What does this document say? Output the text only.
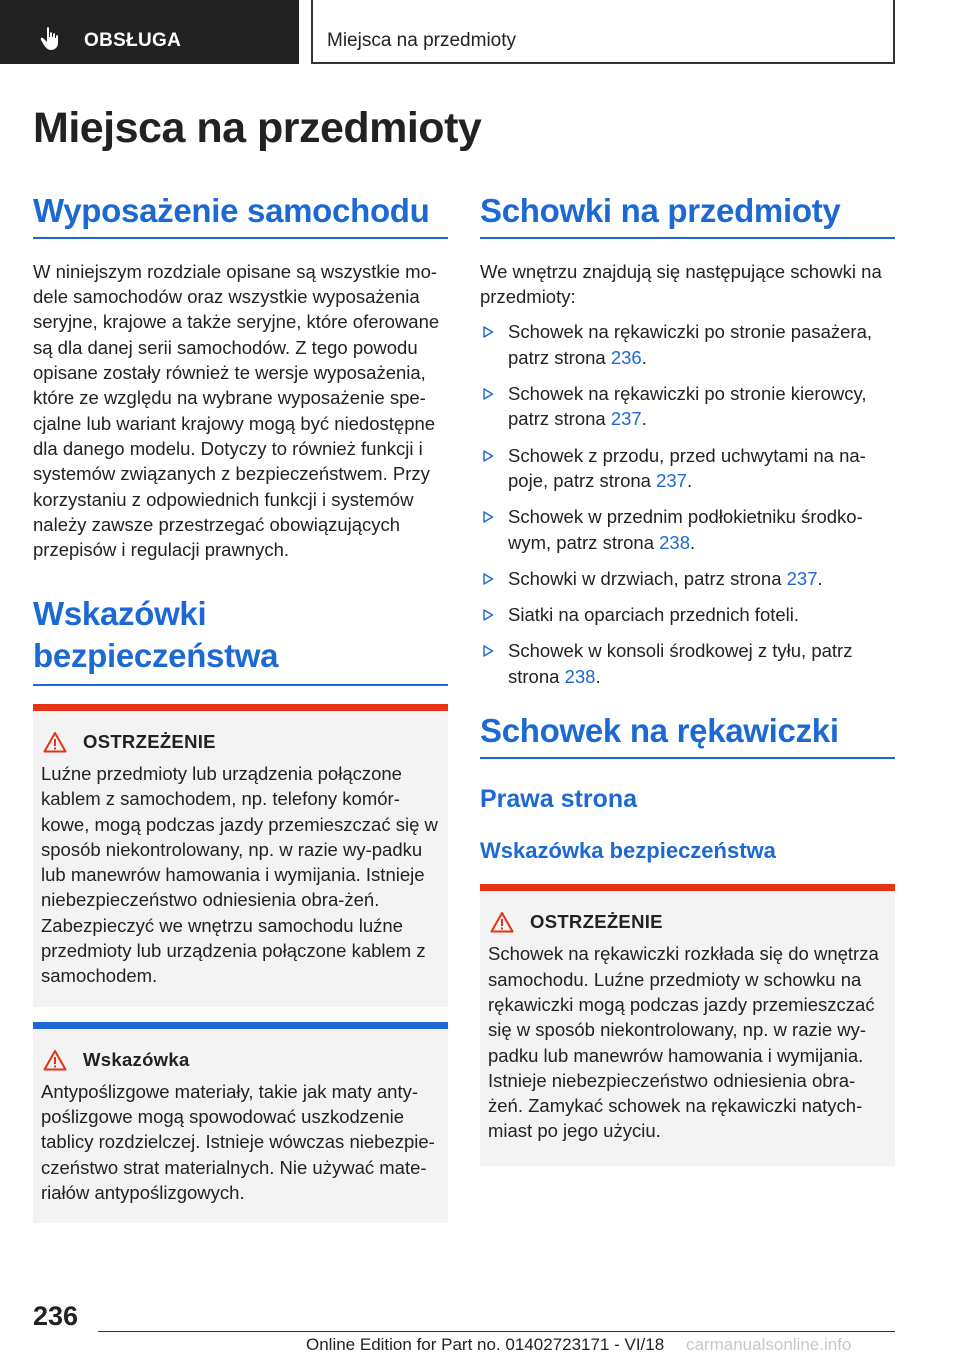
OBSŁUGA	Miejsca na przedmioty
Miejsca na przedmioty
Wyposażenie samochodu

W niniejszym rozdziale opisane są wszystkie mo-dele samochodów oraz wszystkie wyposażenia seryjne, krajowe a także seryjne, które oferowane są dla danej serii samochodów. Z tego powodu opisane zostały również te wersje wyposażenia, które ze względu na wybrane wyposażenie spe-cjalne lub wariant krajowy mogą być niedostępne dla danego modelu. Dotyczy to również funkcji i systemów związanych z bezpieczeństwem. Przy korzystaniu z odpowiednich funkcji i systemów należy zawsze przestrzegać obowiązujących przepisów i regulacji prawnych.

Wskazówki bezpieczeństwa
OSTRZEŻENIE

Luźne przedmioty lub urządzenia połączone kablem z samochodem, np. telefony komór-kowe, mogą podczas jazdy przemieszczać się w sposób niekontrolowany, np. w razie wy-padku lub manewrów hamowania i wymijania. Istnieje niebezpieczeństwo odniesienia obra-żeń. Zabezpieczyć we wnętrzu samochodu luźne przedmioty lub urządzenia połączone kablem z samochodem.

Wskazówka

Antypoślizgowe materiały, takie jak maty anty-poślizgowe mogą spowodować uszkodzenie tablicy rozdzielczej. Istnieje wówczas niebezpie-czeństwo strat materialnych. Nie używać mate-riałów antypoślizgowych.

Schowki na przedmioty

We wnętrzu znajdują się następujące schowki na przedmioty:

Schowek na rękawiczki po stronie pasażera, patrz strona 236.
Schowek na rękawiczki po stronie kierowcy, patrz strona 237.
Schowek z przodu, przed uchwytami na na-poje, patrz strona 237.
Schowek w przednim podłokietniku środko-wym, patrz strona 238.
Schowki w drzwiach, patrz strona 237.
Siatki na oparciach przednich foteli.
Schowek w konsoli środkowej z tyłu, patrz strona 238.
Schowek na rękawiczki
Prawa strona
Wskazówka bezpieczeństwa
OSTRZEŻENIE

Schowek na rękawiczki rozkłada się do wnętrza samochodu. Luźne przedmioty w schowku na rękawiczki mogą podczas jazdy przemieszczać się w sposób niekontrolowany, np. w razie wy-padku lub manewrów hamowania i wymijania. Istnieje niebezpieczeństwo odniesienia obra-żeń. Zamykać schowek na rękawiczki natych-miast po jego użyciu.

236
Online Edition for Part no. 01402723171 - VI/18 carmanualsonline.info
